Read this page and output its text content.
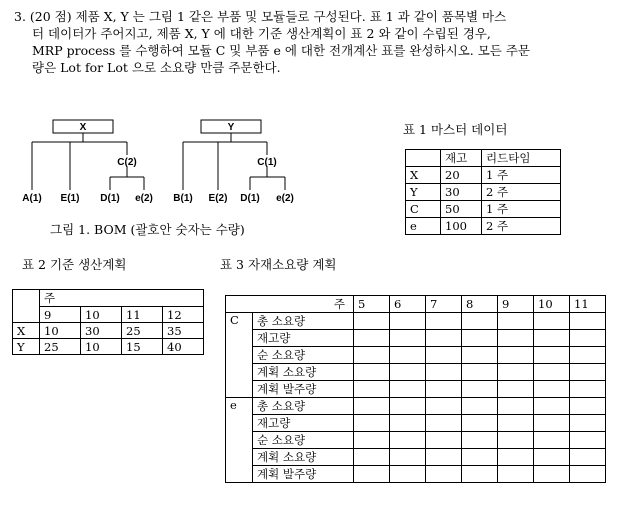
3. (20 점) 제품 X, Y 는 그림 1 같은 부품 및 모듈들로 구성된다. 표 1 과 같이 품목별 마스
터 데이터가 주어지고, 제품 X, Y 에 대한 기준 생산계획이 표 2 와 같이 수립된 경우,
MRP process 를 수행하여 모듈 C 및 부품 e 에 대한 전개계산 표를 완성하시오. 모든 주문
량은 Lot for Lot 으로 소요량 만큼 주문한다.
X
C(2)
A(1) E(1) D(1) e(2)
Y
C(1)
B(1) E(2) D(1) e(2)
그림 1. BOM (괄호안 숫자는 수량)
표 1 마스터 데이터
	재고	리드타임
X	20	1 주
Y	30	2 주
C	50	1 주
e	100	2 주
표 2 기준 생산계획
	주			
	9	10	11	12
X	10	30	25	35
Y	25	10	15	40
표 3 자재소요량 계획
주		5	6	7	8	9	10	11
C	총 소요량							
	재고량							
	순 소요량							
	계획 소요량							
	계획 발주량							
e	총 소요량							
	재고량							
	순 소요량							
	계획 소요량							
	계획 발주량							
